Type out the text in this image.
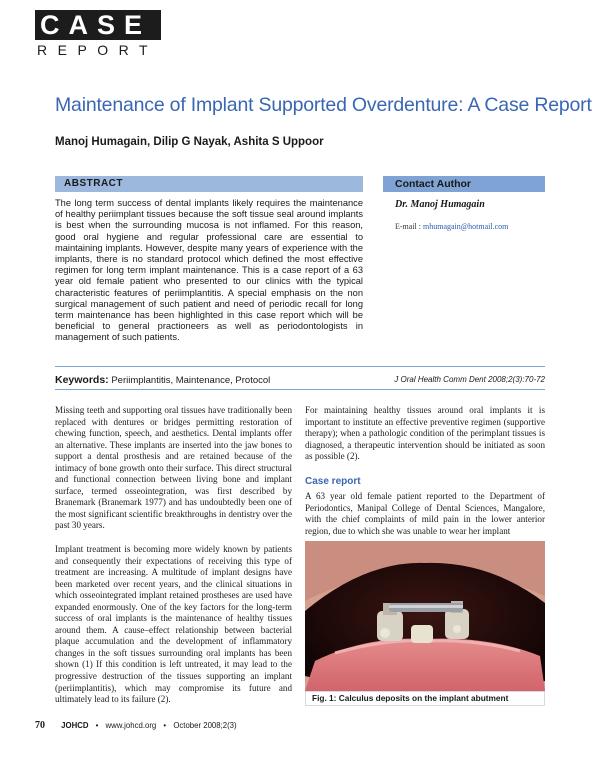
CASE
REPORT
Maintenance of Implant Supported Overdenture: A Case Report
Manoj Humagain, Dilip G Nayak, Ashita S Uppoor
ABSTRACT
The long term success of dental implants likely requires the maintenance of healthy periimplant tissues because the soft tissue seal around implants is best when the surrounding mucosa is not inflamed. For this reason, good oral hygiene and regular professional care are essential to maintaining implants. However, despite many years of experience with the implants, there is no standard protocol which defined the most effective regimen for long term implant maintenance. This is a case report of a 63 year old female patient who presented to our clinics with the typical characteristic features of periimplantitis. A special emphasis on the non surgical management of such patient and need of periodic recall for long term maintenance has been highlighted in this case report which will be beneficial to general practioneers as well as periodontologists in management of such patients.
Contact Author
Dr. Manoj Humagain
E-mail : mhumagain@hotmail.com
Keywords: Periimplantitis, Maintenance, Protocol	J Oral Health Comm Dent 2008;2(3):70-72

Missing teeth and supporting oral tissues have traditionally been replaced with dentures or bridges permitting restoration of chewing function, speech, and aesthetics. Dental implants offer an alternative. These implants are inserted into the jaw bones to support a dental prosthesis and are retained because of the intimacy of bone growth onto their surface. This direct structural and functional connection between living bone and implant surface, termed osseointegration, was first described by Branemark (Branemark 1977) and has undoubtedly been one of the most significant scientific breakthroughs in dentistry over the past 30 years.

Implant treatment is becoming more widely known by patients and consequently their expectations of receiving this type of treatment are increasing. A multitude of implant designs have been marketed over recent years, and the clinical situations in which osseointegrated implant retained prostheses are used have expanded enormously. One of the key factors for the long-term success of oral implants is the maintenance of healthy tissues around them. A cause–effect relationship between bacterial plaque accumulation and the development of inflammatory changes in the soft tissues surrounding oral implants has been shown (1) If this condition is left untreated, it may lead to the progressive destruction of the tissues supporting an implant (periimplantitis), which may compromise its future and ultimately lead to its failure (2).

For maintaining healthy tissues around oral implants it is important to institute an effective preventive regimen (supportive therapy); when a pathologic condition of the perimplant tissues is diagnosed, a therapeutic intervention should be initiated as soon as possible (2).
Case report
A 63 year old female patient reported to the Department of Periodontics, Manipal College of Dental Sciences, Mangalore, with the chief complaints of mild pain in the lower anterior region, due to which she was unable to wear her implant
Fig. 1: Calculus deposits on the implant abutment
70 JOHCD • www.johcd.org • October 2008;2(3)
